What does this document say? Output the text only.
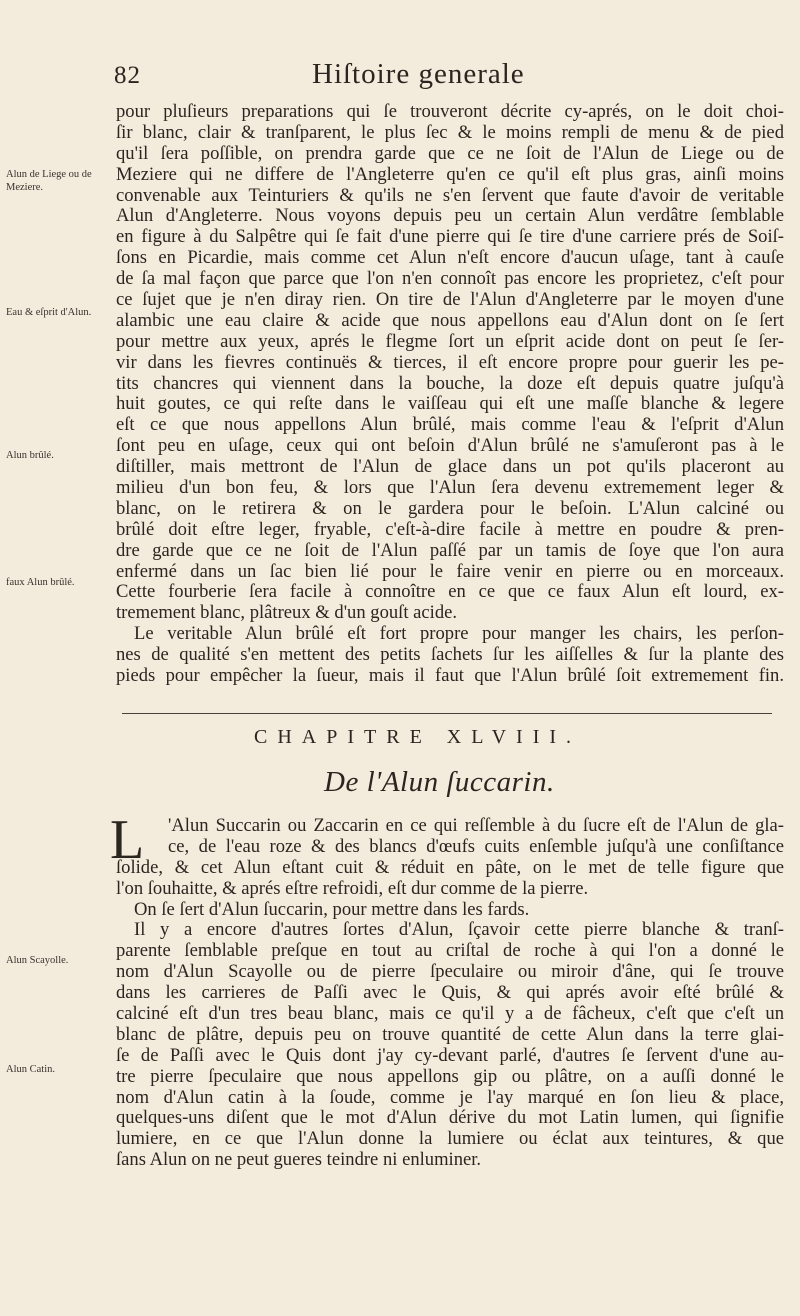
82	Hiſtoire generale
Alun de Liege ou de Meziere.
Eau & eſprit d'Alun.
Alun brûlé.
faux Alun brûlé.
Alun Scayolle.
Alun Catin.
pour pluſieurs preparations qui ſe trouveront décrite cy-aprés, on le doit choi-
ſir blanc, clair & tranſparent, le plus ſec & le moins rempli de menu & de pied
qu'il ſera poſſible, on prendra garde que ce ne ſoit de l'Alun de Liege ou de
Meziere qui ne differe de l'Angleterre qu'en ce qu'il eſt plus gras, ainſi moins
convenable aux Teinturiers & qu'ils ne s'en ſervent que faute d'avoir de veritable
Alun d'Angleterre. Nous voyons depuis peu un certain Alun verdâtre ſemblable
en figure à du Salpêtre qui ſe fait d'une pierre qui ſe tire d'une carriere prés de Soiſ-
ſons en Picardie, mais comme cet Alun n'eſt encore d'aucun uſage, tant à cauſe
de ſa mal façon que parce que l'on n'en connoît pas encore les proprietez, c'eſt pour
ce ſujet que je n'en diray rien. On tire de l'Alun d'Angleterre par le moyen d'une
alambic une eau claire & acide que nous appellons eau d'Alun dont on ſe ſert
pour mettre aux yeux, aprés le flegme ſort un eſprit acide dont on peut ſe ſer-
vir dans les fievres continuës & tierces, il eſt encore propre pour guerir les pe-
tits chancres qui viennent dans la bouche, la doze eſt depuis quatre juſqu'à
huit goutes, ce qui reſte dans le vaiſſeau qui eſt une maſſe blanche & legere
eſt ce que nous appellons Alun brûlé, mais comme l'eau & l'eſprit d'Alun
ſont peu en uſage, ceux qui ont beſoin d'Alun brûlé ne s'amuſeront pas à le
diſtiller, mais mettront de l'Alun de glace dans un pot qu'ils placeront au
milieu d'un bon feu, & lors que l'Alun ſera devenu extremement leger &
blanc, on le retirera & on le gardera pour le beſoin. L'Alun calciné ou
brûlé doit eſtre leger, fryable, c'eſt-à-dire facile à mettre en poudre & pren-
dre garde que ce ne ſoit de l'Alun paſſé par un tamis de ſoye que l'on aura
enfermé dans un ſac bien lié pour le faire venir en pierre ou en morceaux.
Cette fourberie ſera facile à connoître en ce que ce faux Alun eſt lourd, ex-
tremement blanc, plâtreux & d'un gouſt acide.
Le veritable Alun brûlé eſt fort propre pour manger les chairs, les perſon-
nes de qualité s'en mettent des petits ſachets ſur les aiſſelles & ſur la plante des
pieds pour empêcher la ſueur, mais il faut que l'Alun brûlé ſoit extremement fin.
CHAPITRE XLVIII.
De l'Alun ſuccarin.
L	'Alun Succarin ou Zaccarin en ce qui reſſemble à du ſucre eſt de l'Alun de gla-
ce, de l'eau roze & des blancs d'œufs cuits enſemble juſqu'à une conſiſtance
ſolide, & cet Alun eſtant cuit & réduit en pâte, on le met de telle figure que
l'on ſouhaitte, & aprés eſtre refroidi, eſt dur comme de la pierre.
On ſe ſert d'Alun ſuccarin, pour mettre dans les fards.
Il y a encore d'autres ſortes d'Alun, ſçavoir cette pierre blanche & tranſ-
parente ſemblable preſque en tout au criſtal de roche à qui l'on a donné le
nom d'Alun Scayolle ou de pierre ſpeculaire ou miroir d'âne, qui ſe trouve
dans les carrieres de Paſſi avec le Quis, & qui aprés avoir eſté brûlé &
calciné eſt d'un tres beau blanc, mais ce qu'il y a de fâcheux, c'eſt que c'eſt un
blanc de plâtre, depuis peu on trouve quantité de cette Alun dans la terre glai-
ſe de Paſſi avec le Quis dont j'ay cy-devant parlé, d'autres ſe ſervent d'une au-
tre pierre ſpeculaire que nous appellons gip ou plâtre, on a auſſi donné le
nom d'Alun catin à la ſoude, comme je l'ay marqué en ſon lieu & place,
quelques-uns diſent que le mot d'Alun dérive du mot Latin lumen, qui ſignifie
lumiere, en ce que l'Alun donne la lumiere ou éclat aux teintures, & que
ſans Alun on ne peut gueres teindre ni enluminer.
